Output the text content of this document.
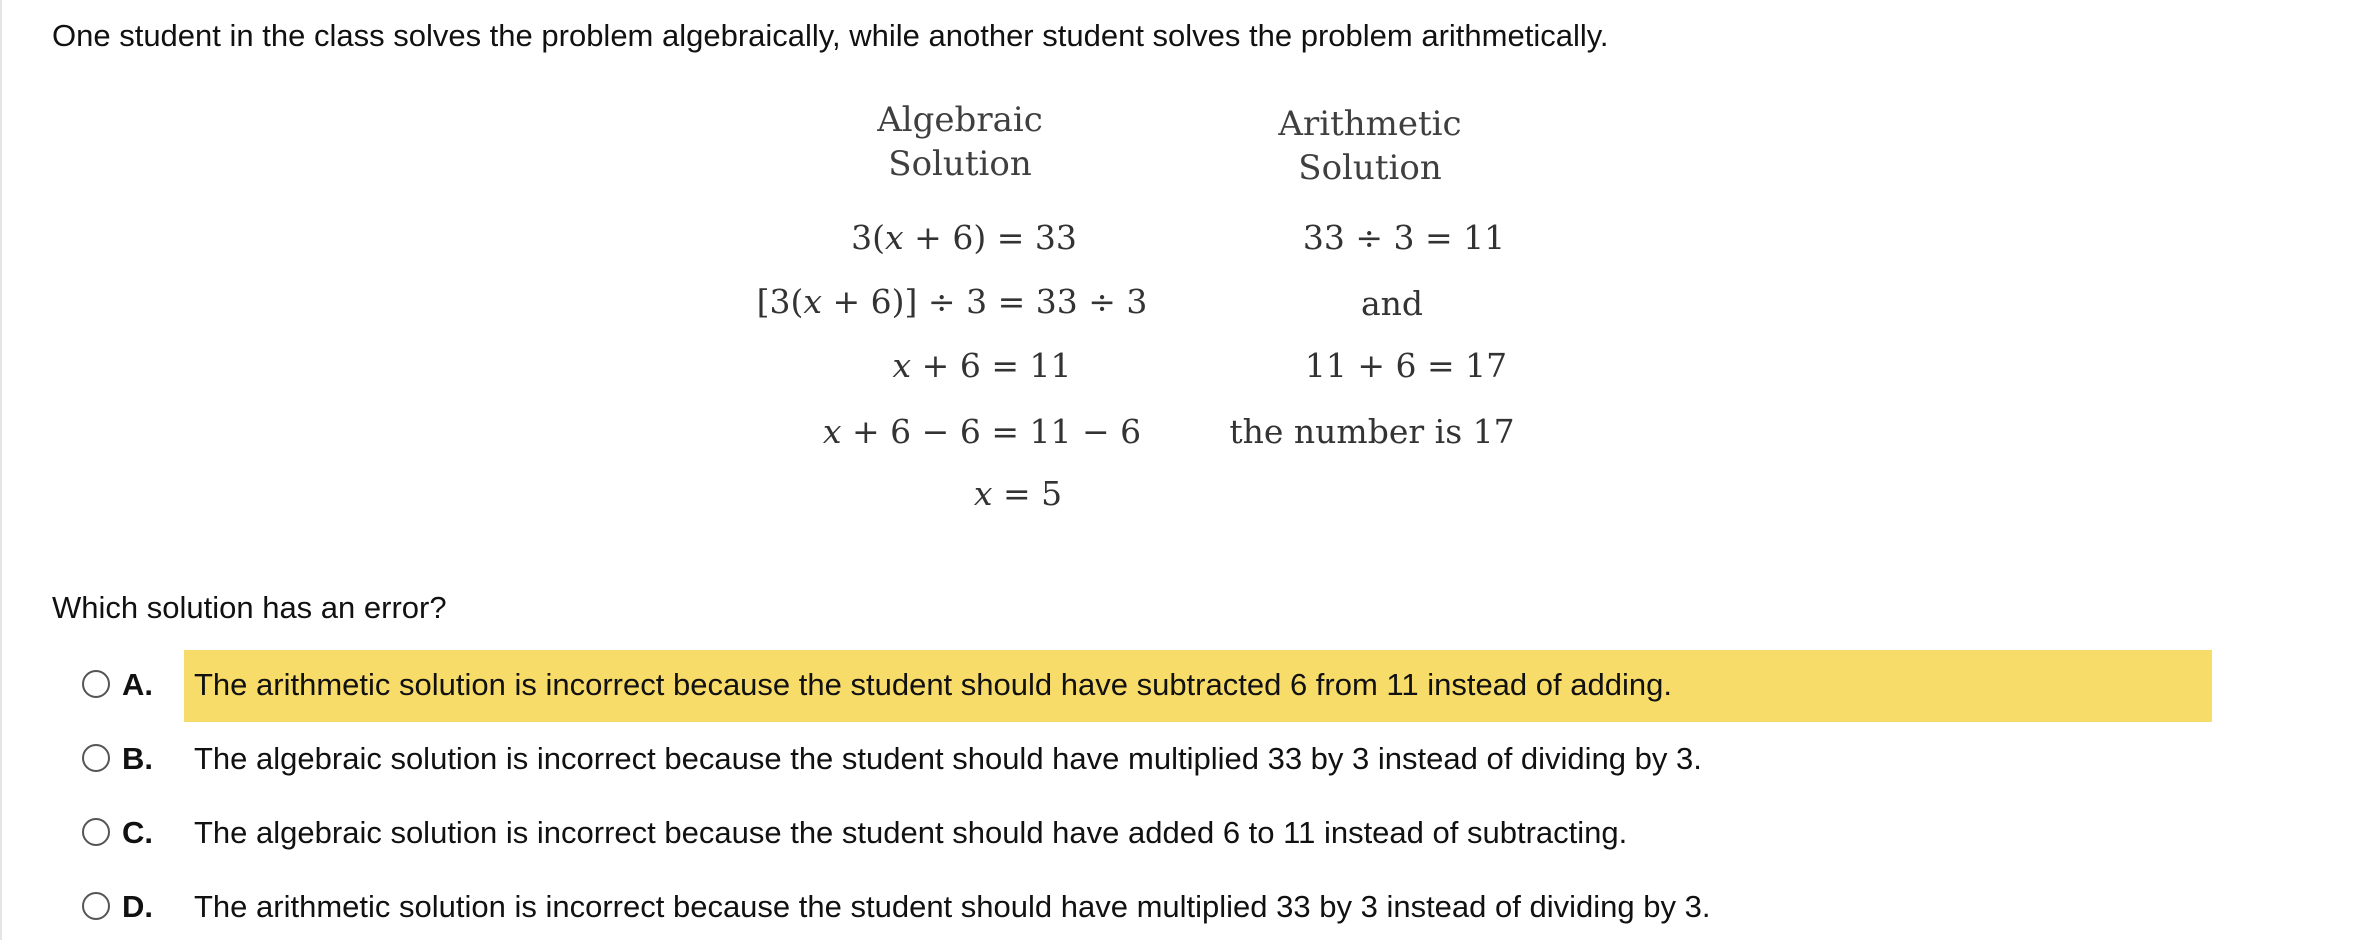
One student in the class solves the problem algebraically, while another student solves the problem arithmetically.
Algebraic
Solution
3(x + 6) = 33
[3(x + 6)] ÷ 3 = 33 ÷ 3
x + 6 = 11
x + 6 − 6 = 11 − 6
x = 5
Arithmetic
Solution
33 ÷ 3 = 11
and
11 + 6 = 17
the number is 17
Which solution has an error?
A. The arithmetic solution is incorrect because the student should have subtracted 6 from 11 instead of adding.
B. The algebraic solution is incorrect because the student should have multiplied 33 by 3 instead of dividing by 3.
C. The algebraic solution is incorrect because the student should have added 6 to 11 instead of subtracting.
D. The arithmetic solution is incorrect because the student should have multiplied 33 by 3 instead of dividing by 3.
